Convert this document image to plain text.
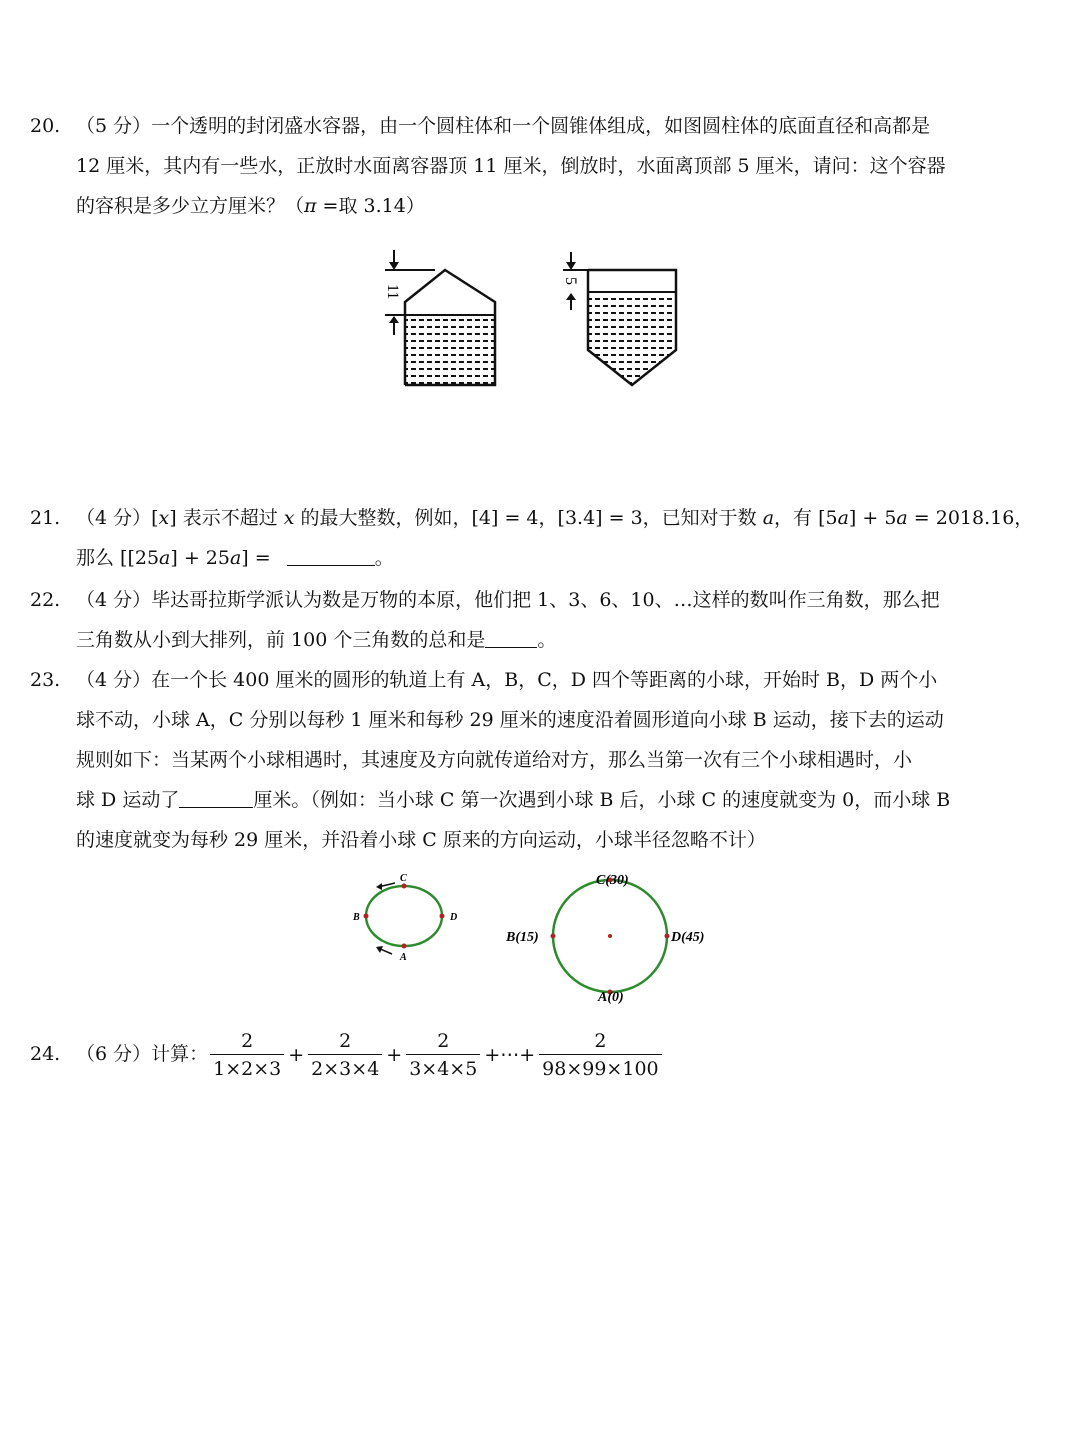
20. （5 分）一个透明的封闭盛水容器，由一个圆柱体和一个圆锥体组成，如图圆柱体的底面直径和高都是
12 厘米，其内有一些水，正放时水面离容器顶 11 厘米，倒放时，水面离顶部 5 厘米，请问：这个容器
的容积是多少立方厘米？（π =取 3.14）
11
5
21. （4 分）[x] 表示不超过 x 的最大整数，例如，[4] = 4，[3.4] = 3，已知对于数 a，有 [5a] + 5a = 2018.16，
那么 [[25a] + 25a] =	。
22. （4 分）毕达哥拉斯学派认为数是万物的本原，他们把 1、3、6、10、…这样的数叫作三角数，那么把
三角数从小到大排列，前 100 个三角数的总和是	。
23. （4 分）在一个长 400 厘米的圆形的轨道上有 A，B，C，D 四个等距离的小球，开始时 B，D 两个小
球不动，小球 A，C 分别以每秒 1 厘米和每秒 29 厘米的速度沿着圆形道向小球 B 运动，接下去的运动
规则如下：当某两个小球相遇时，其速度及方向就传道给对方，那么当第一次有三个小球相遇时，小
球 D 运动了	厘米。（例如：当小球 C 第一次遇到小球 B 后，小球 C 的速度就变为 0，而小球 B
的速度就变为每秒 29 厘米，并沿着小球 C 原来的方向运动，小球半径忽略不计）
C
B	D
A
C(30)
B(15)	D(45)
A(0)
24. （6 分）计算： $\frac{2}{1\times 2\times 3} + \frac{2}{2\times 3\times 4} + \frac{2}{3\times 4\times 5}$ +⋯+ $\frac{2}{98\times 99\times 100}$
